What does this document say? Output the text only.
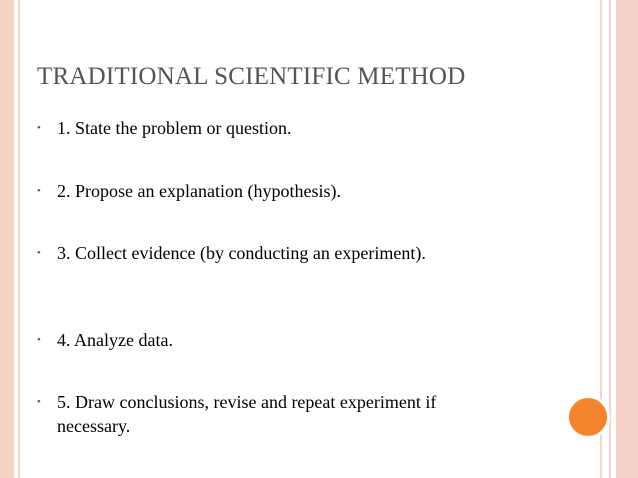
TRADITIONAL SCIENTIFIC METHOD
• 1. State the problem or question.
• 2. Propose an explanation (hypothesis).
• 3. Collect evidence (by conducting an experiment).
• 4. Analyze data.
• 5. Draw conclusions, revise and repeat experiment if necessary.
